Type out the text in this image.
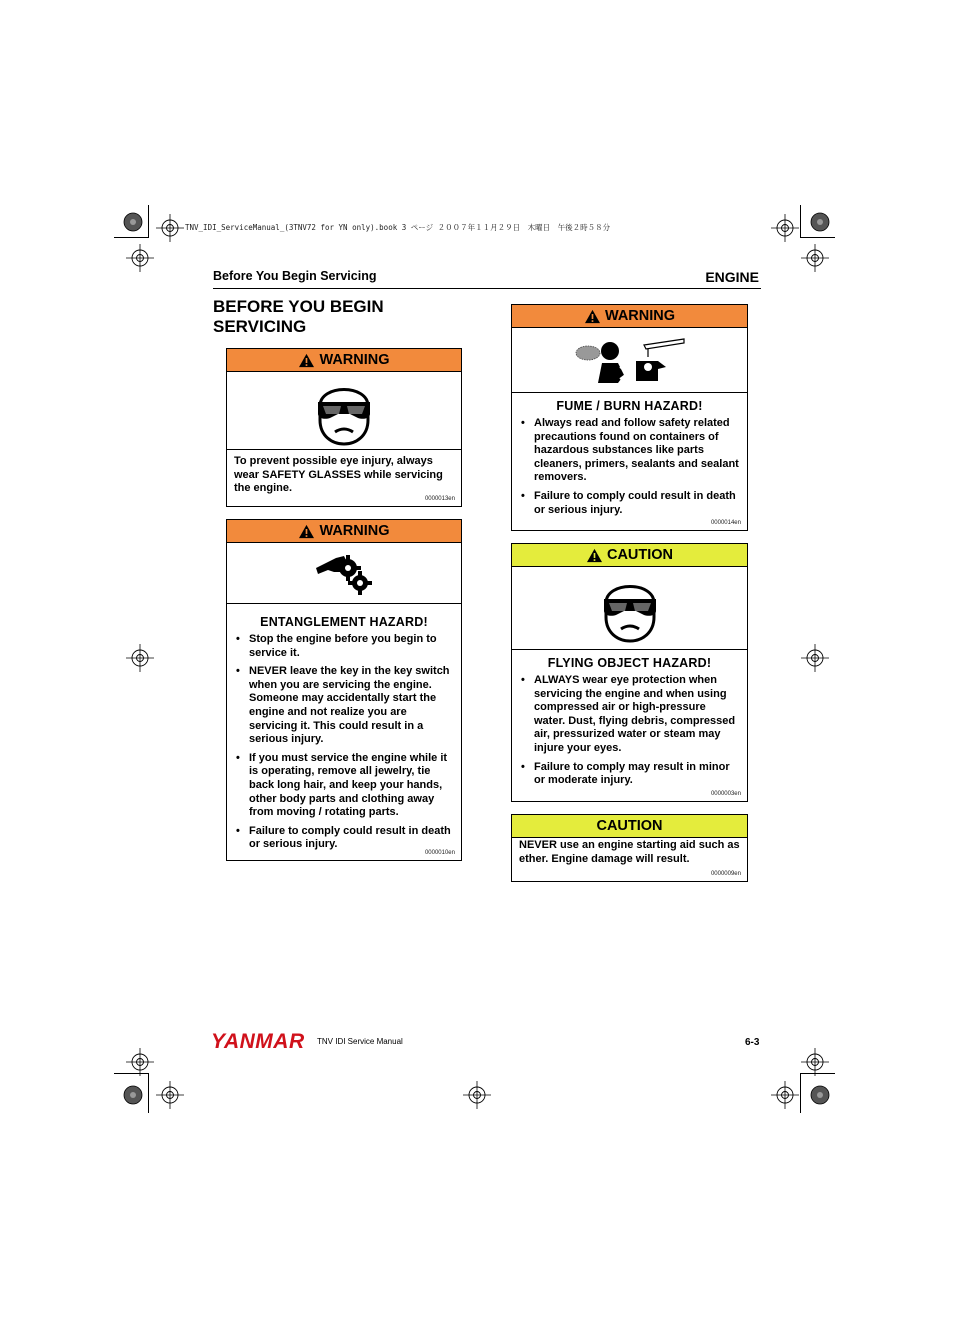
TNV_IDI_ServiceManual_(3TNV72 for YN only).book 3 ページ ２００７年１１月２９日　木曜日　午後２時５８分
Before You Begin Servicing	ENGINE
BEFORE YOU BEGIN SERVICING
WARNING
To prevent possible eye injury, always wear SAFETY GLASSES while servicing the engine.
0000013en
WARNING
ENTANGLEMENT HAZARD!
• Stop the engine before you begin to service it.
• NEVER leave the key in the key switch when you are servicing the engine. Someone may accidentally start the engine and not realize you are servicing it. This could result in a serious injury.
• If you must service the engine while it is operating, remove all jewelry, tie back long hair, and keep your hands, other body parts and clothing away from moving / rotating parts.
• Failure to comply could result in death or serious injury.
0000010en
WARNING
FUME / BURN HAZARD!
• Always read and follow safety related precautions found on containers of hazardous substances like parts cleaners, primers, sealants and sealant removers.
• Failure to comply could result in death or serious injury.
0000014en
CAUTION
FLYING OBJECT HAZARD!
• ALWAYS wear eye protection when servicing the engine and when using compressed air or high-pressure water. Dust, flying debris, compressed air, pressurized water or steam may injure your eyes.
• Failure to comply may result in minor or moderate injury.
0000003en
CAUTION
NEVER use an engine starting aid such as ether. Engine damage will result.
0000009en
YANMAR TNV IDI Service Manual	6-3
